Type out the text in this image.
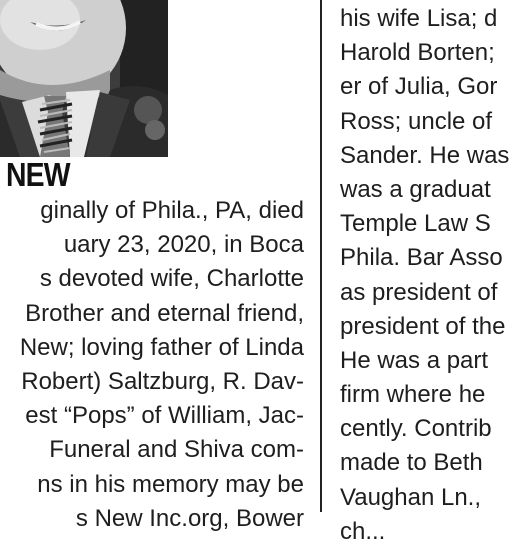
NEW
ginally of Phila., PA, died
uary 23, 2020, in Boca
s devoted wife, Charlotte
Brother and eternal friend,
New; loving father of Linda
Robert) Saltzburg, R. Dav-
est “Pops” of William, Jac-
Funeral and Shiva com-
ns in his memory may be
s New Inc.org, Bower
his wife Lisa; d
Harold Borten;
er of Julia, Gor
Ross; uncle of
Sander. He was
was a graduat
Temple Law S
Phila. Bar Asso
as president of
president of the
He was a part
firm where he
cently. Contrib
made to Beth
Vaughan Ln.,
ch...
